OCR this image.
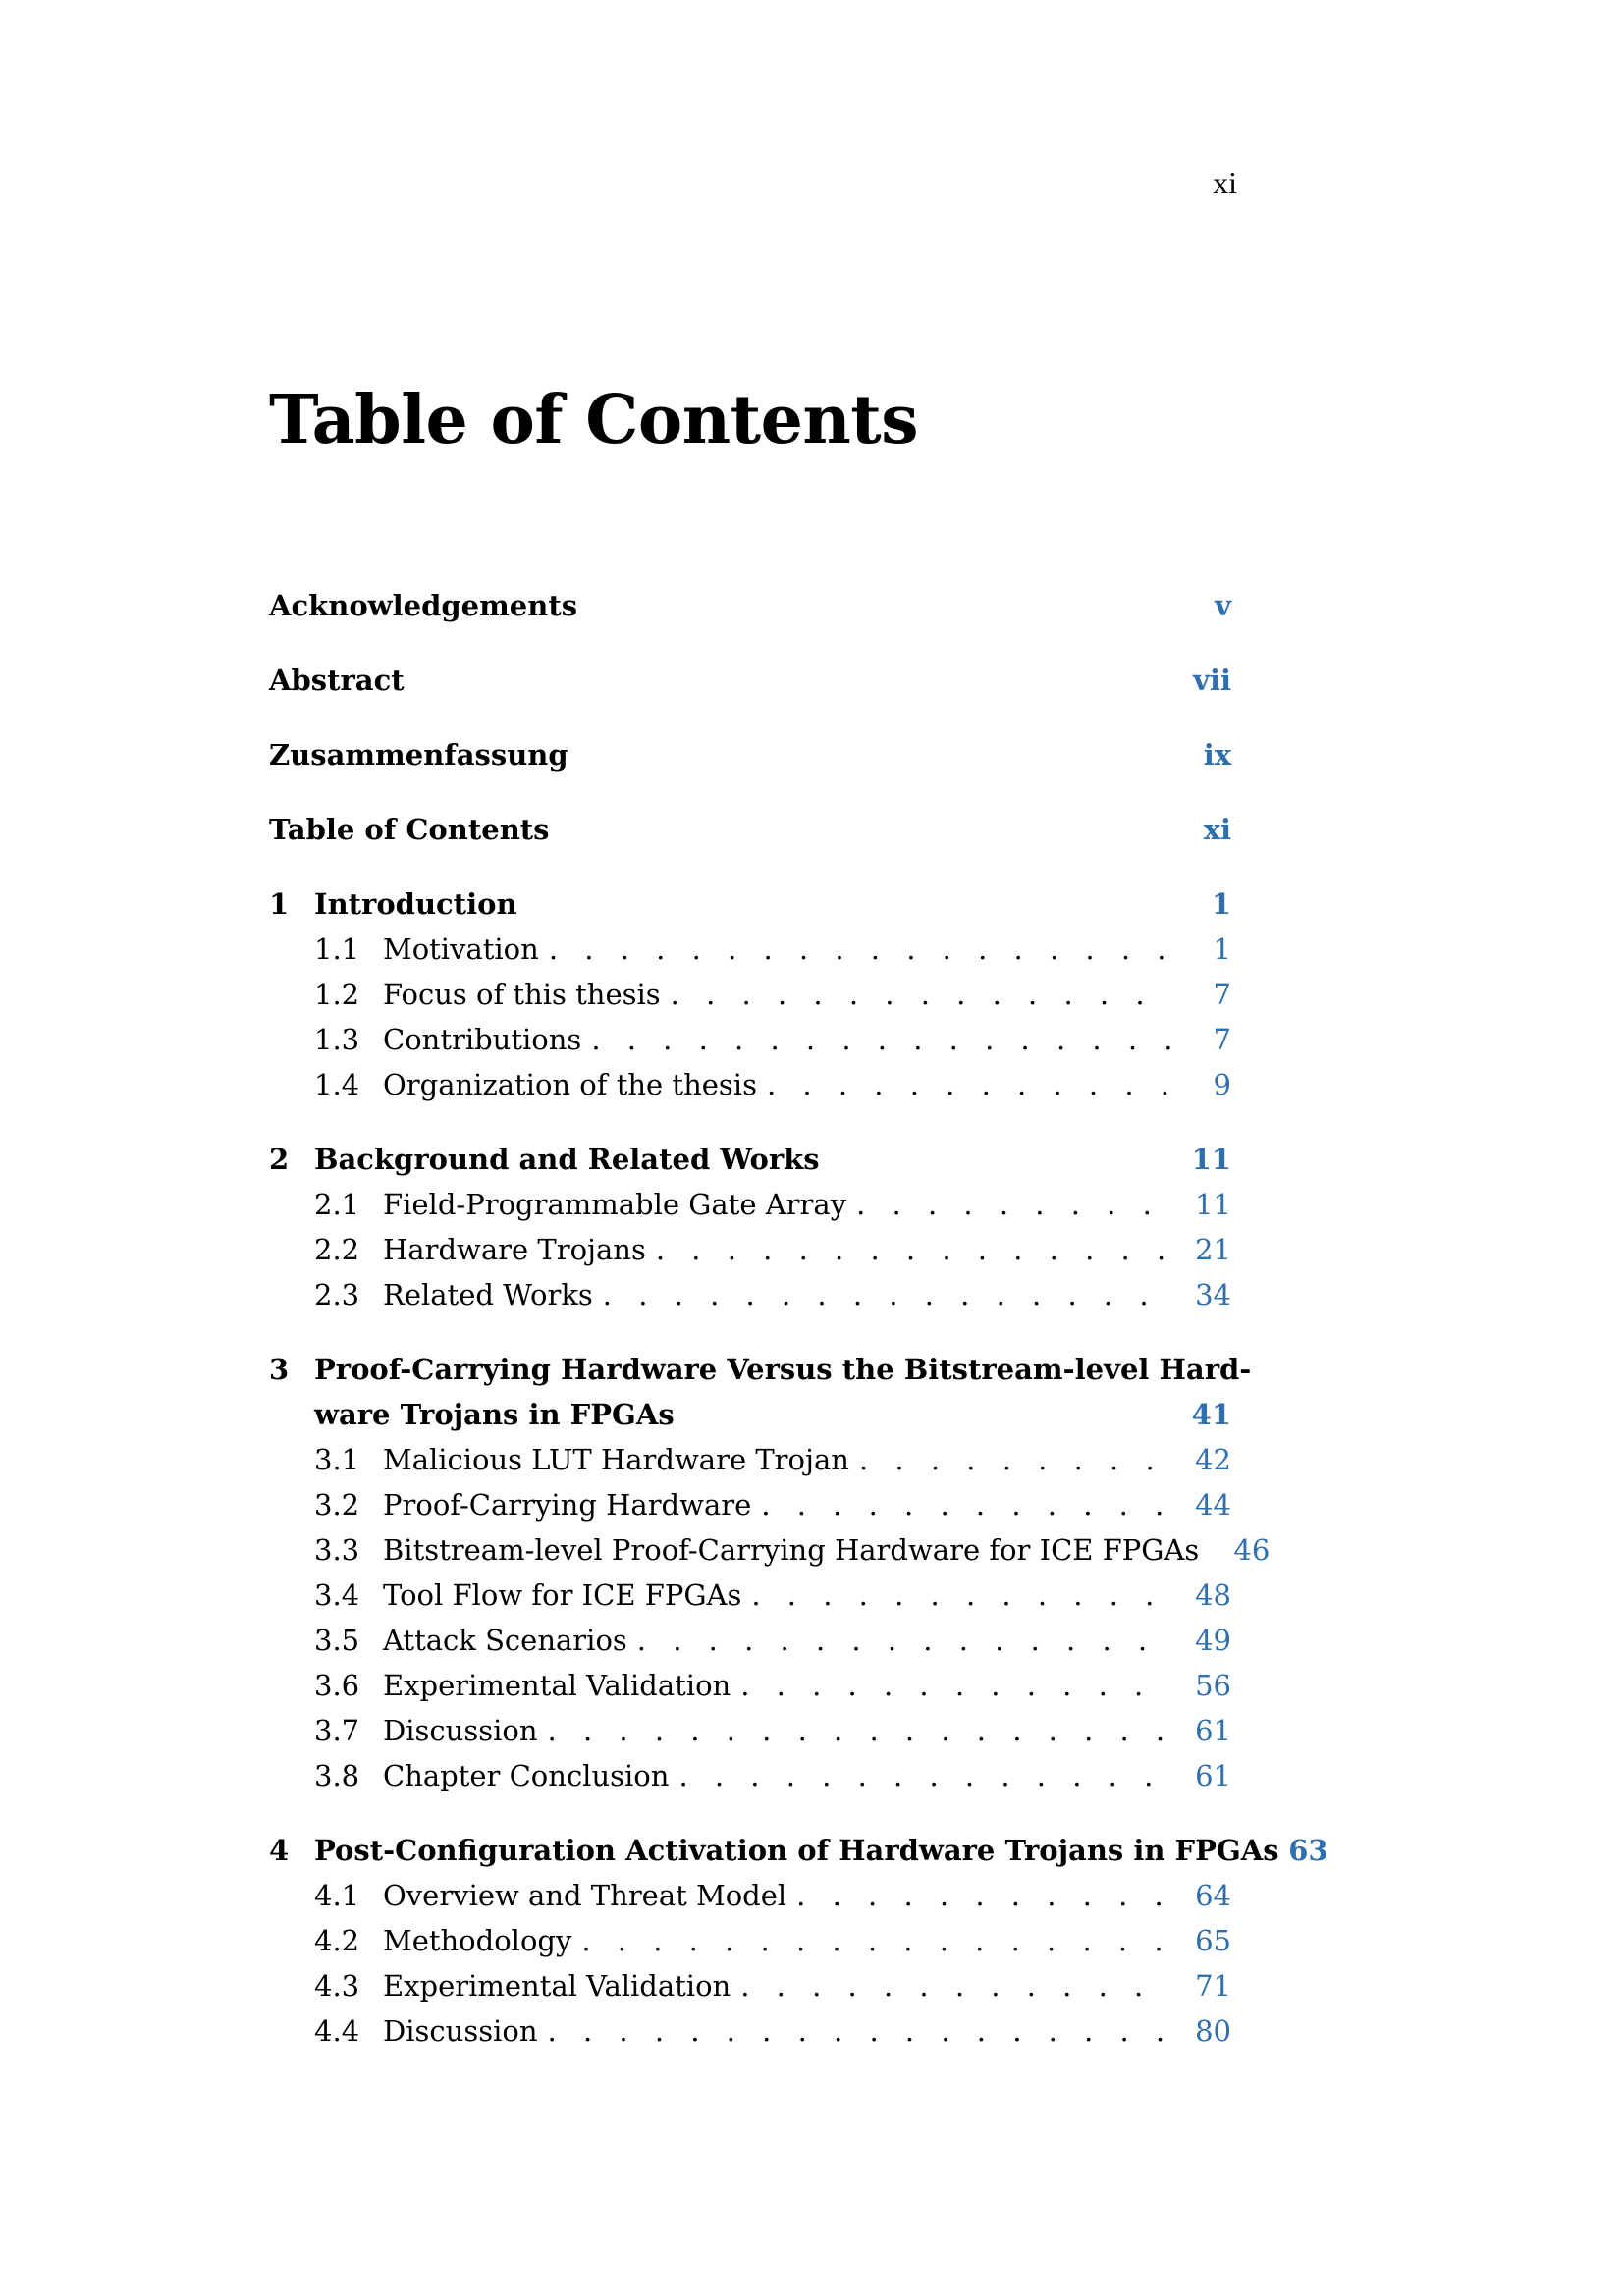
xi
Table of Contents
Acknowledgements	v
Abstract	vii
Zusammenfassung	ix
Table of Contents	xi
1 Introduction	1
1.1 Motivation . . .	1
1.2 Focus of this thesis . . .	7
1.3 Contributions . . .	7
1.4 Organization of the thesis . . .	9
2 Background and Related Works	11
2.1 Field-Programmable Gate Array . . .	11
2.2 Hardware Trojans . . .	21
2.3 Related Works . . .	34
3 Proof-Carrying Hardware Versus the Bitstream-level Hard-
ware Trojans in FPGAs	41
3.1 Malicious LUT Hardware Trojan . . .	42
3.2 Proof-Carrying Hardware . . .	44
3.3 Bitstream-level Proof-Carrying Hardware for ICE FPGAs	46
3.4 Tool Flow for ICE FPGAs . . .	48
3.5 Attack Scenarios . . .	49
3.6 Experimental Validation . . .	56
3.7 Discussion . . .	61
3.8 Chapter Conclusion . . .	61
4 Post-Configuration Activation of Hardware Trojans in FPGAs 63
4.1 Overview and Threat Model . . .	64
4.2 Methodology . . .	65
4.3 Experimental Validation . . .	71
4.4 Discussion . . .	80
